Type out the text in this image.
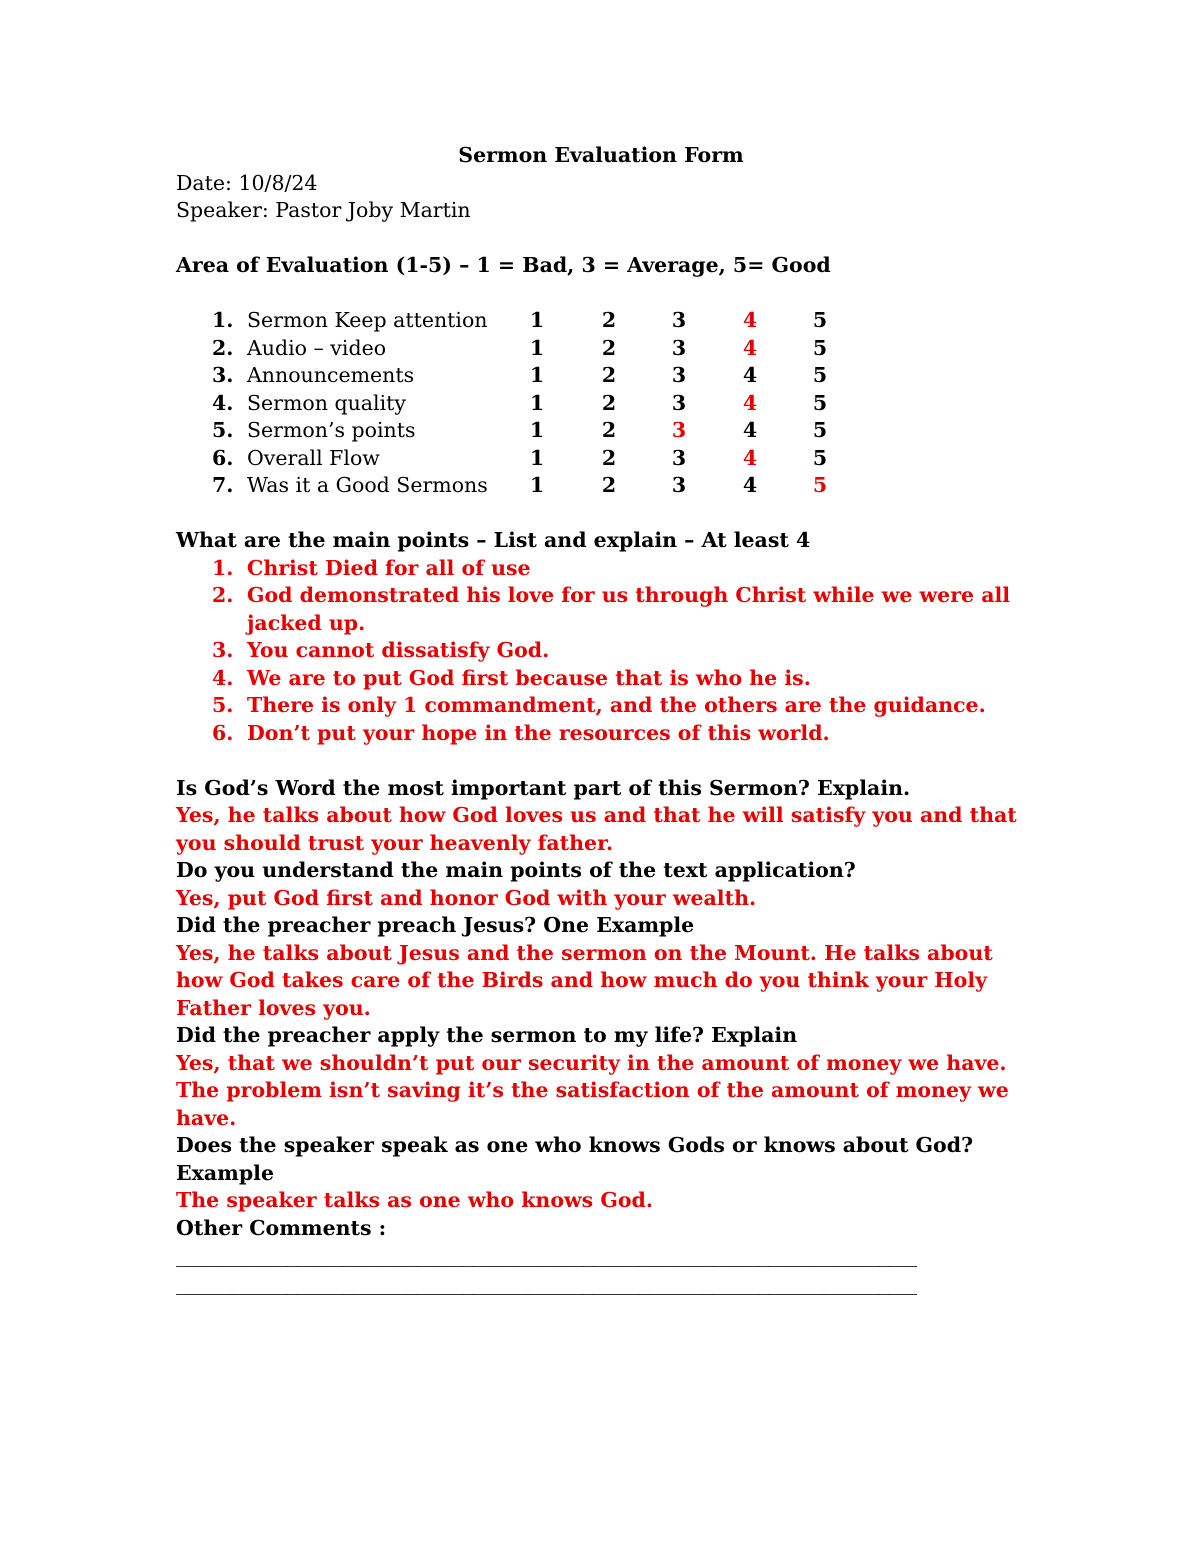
Sermon Evaluation Form
Date: 10/8/24
Speaker: Pastor Joby Martin
Area of Evaluation (1-5) – 1 = Bad, 3 = Average, 5= Good
1. Sermon Keep attention 1	2	3	4	5
2. Audio – video	1	2	3	4	5
3. Announcements	1	2	3	4	5
4. Sermon quality	1	2	3	4	5
5. Sermon’s points	1	2	3	4	5
6. Overall Flow	1	2	3	4	5
7. Was it a Good Sermons 1	2	3	4	5
What are the main points – List and explain – At least 4
1. Christ Died for all of use
2. God demonstrated his love for us through Christ while we were all jacked up.
3. You cannot dissatisfy God.
4. We are to put God first because that is who he is.
5. There is only 1 commandment, and the others are the guidance.
6. Don’t put your hope in the resources of this world.
Is God’s Word the most important part of this Sermon? Explain.
Yes, he talks about how God loves us and that he will satisfy you and that you should trust your heavenly father.
Do you understand the main points of the text application?
Yes, put God first and honor God with your wealth.
Did the preacher preach Jesus? One Example
Yes, he talks about Jesus and the sermon on the Mount. He talks about how God takes care of the Birds and how much do you think your Holy Father loves you.
Did the preacher apply the sermon to my life? Explain
Yes, that we shouldn’t put our security in the amount of money we have. The problem isn’t saving it’s the satisfaction of the amount of money we have.
Does the speaker speak as one who knows Gods or knows about God? Example
The speaker talks as one who knows God.
Other Comments :
________________________________________________________________________________
________________________________________________________________________________
